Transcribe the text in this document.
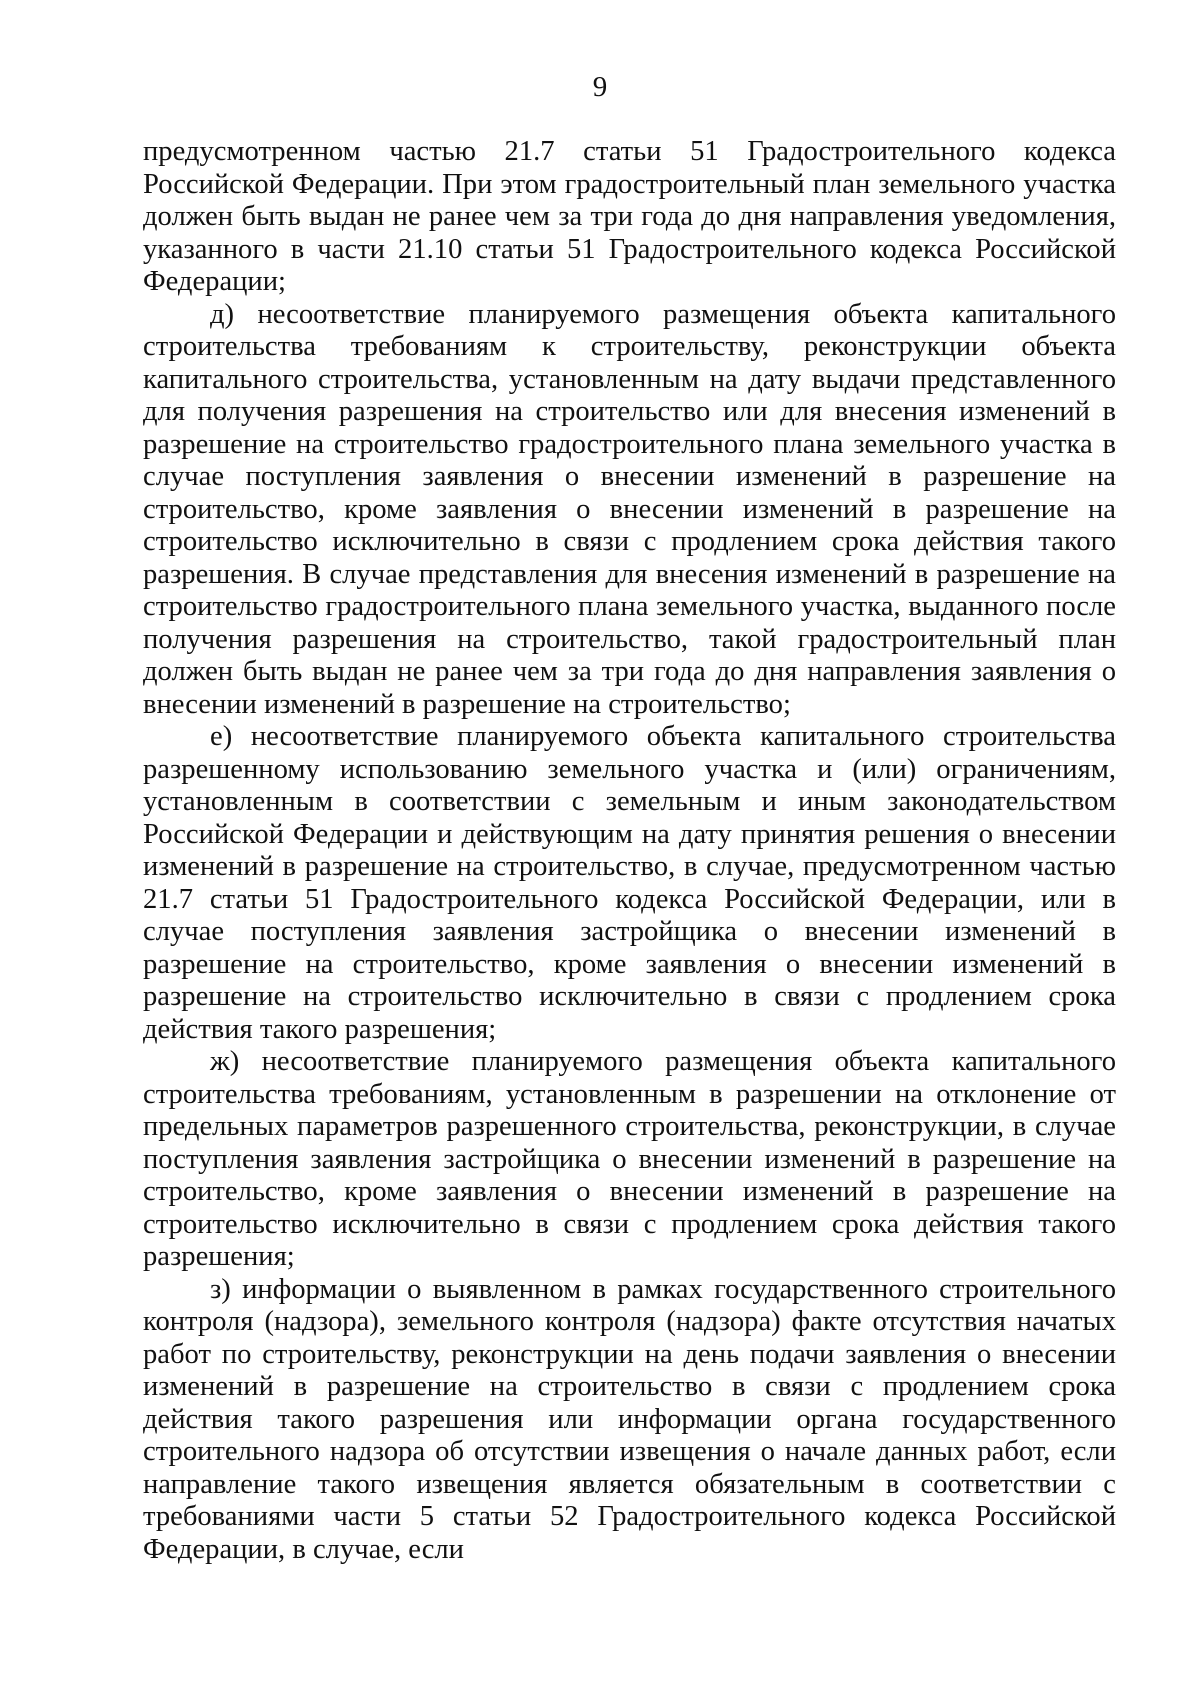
9

предусмотренном частью 21.7 статьи 51 Градостроительного кодекса Российской Федерации. При этом градостроительный план земельного участка должен быть выдан не ранее чем за три года до дня направления уведомления, указанного в части 21.10 статьи 51 Градостроительного кодекса Российской Федерации;

д) несоответствие планируемого размещения объекта капитального строительства требованиям к строительству, реконструкции объекта капитального строительства, установленным на дату выдачи представленного для получения разрешения на строительство или для внесения изменений в разрешение на строительство градостроительного плана земельного участка в случае поступления заявления о внесении изменений в разрешение на строительство, кроме заявления о внесении изменений в разрешение на строительство исключительно в связи с продлением срока действия такого разрешения. В случае представления для внесения изменений в разрешение на строительство градостроительного плана земельного участка, выданного после получения разрешения на строительство, такой градостроительный план должен быть выдан не ранее чем за три года до дня направления заявления о внесении изменений в разрешение на строительство;

е) несоответствие планируемого объекта капитального строительства разрешенному использованию земельного участка и (или) ограничениям, установленным в соответствии с земельным и иным законодательством Российской Федерации и действующим на дату принятия решения о внесении изменений в разрешение на строительство, в случае, предусмотренном частью 21.7 статьи 51 Градостроительного кодекса Российской Федерации, или в случае поступления заявления застройщика о внесении изменений в разрешение на строительство, кроме заявления о внесении изменений в разрешение на строительство исключительно в связи с продлением срока действия такого разрешения;

ж) несоответствие планируемого размещения объекта капитального строительства требованиям, установленным в разрешении на отклонение от предельных параметров разрешенного строительства, реконструкции, в случае поступления заявления застройщика о внесении изменений в разрешение на строительство, кроме заявления о внесении изменений в разрешение на строительство исключительно в связи с продлением срока действия такого разрешения;

з) информации о выявленном в рамках государственного строительного контроля (надзора), земельного контроля (надзора) факте отсутствия начатых работ по строительству, реконструкции на день подачи заявления о внесении изменений в разрешение на строительство в связи с продлением срока действия такого разрешения или информации органа государственного строительного надзора об отсутствии извещения о начале данных работ, если направление такого извещения является обязательным в соответствии с требованиями части 5 статьи 52 Градостроительного кодекса Российской Федерации, в случае, если
